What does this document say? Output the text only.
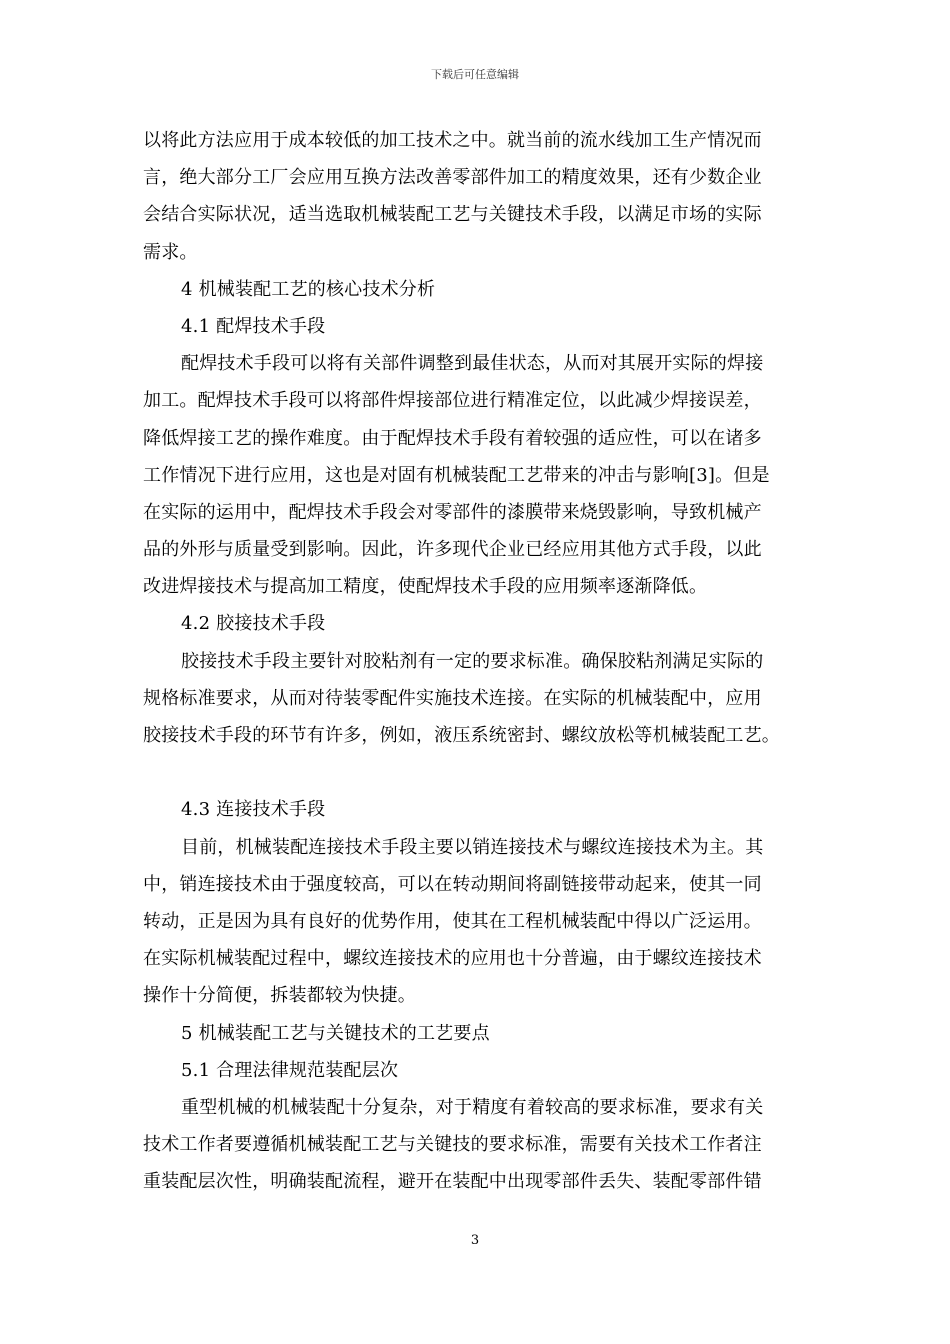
下载后可任意编辑
以将此方法应用于成本较低的加工技术之中。就当前的流水线加工生产情况而
言，绝大部分工厂会应用互换方法改善零部件加工的精度效果，还有少数企业
会结合实际状况，适当选取机械装配工艺与关键技术手段，以满足市场的实际
需求。
4 机械装配工艺的核心技术分析
4.1 配焊技术手段
配焊技术手段可以将有关部件调整到最佳状态，从而对其展开实际的焊接
加工。配焊技术手段可以将部件焊接部位进行精准定位，以此减少焊接误差，
降低焊接工艺的操作难度。由于配焊技术手段有着较强的适应性，可以在诸多
工作情况下进行应用，这也是对固有机械装配工艺带来的冲击与影响[3]。但是
在实际的运用中，配焊技术手段会对零部件的漆膜带来烧毁影响，导致机械产
品的外形与质量受到影响。因此，许多现代企业已经应用其他方式手段，以此
改进焊接技术与提高加工精度，使配焊技术手段的应用频率逐渐降低。
4.2 胶接技术手段
胶接技术手段主要针对胶粘剂有一定的要求标准。确保胶粘剂满足实际的
规格标准要求，从而对待装零配件实施技术连接。在实际的机械装配中，应用
胶接技术手段的环节有许多，例如，液压系统密封、螺纹放松等机械装配工艺。
4.3 连接技术手段
目前，机械装配连接技术手段主要以销连接技术与螺纹连接技术为主。其
中，销连接技术由于强度较高，可以在转动期间将副链接带动起来，使其一同
转动，正是因为具有良好的优势作用，使其在工程机械装配中得以广泛运用。
在实际机械装配过程中，螺纹连接技术的应用也十分普遍，由于螺纹连接技术
操作十分简便，拆装都较为快捷。
5 机械装配工艺与关键技术的工艺要点
5.1 合理法律规范装配层次
重型机械的机械装配十分复杂，对于精度有着较高的要求标准，要求有关
技术工作者要遵循机械装配工艺与关键技的要求标准，需要有关技术工作者注
重装配层次性，明确装配流程，避开在装配中出现零部件丢失、装配零部件错
3
